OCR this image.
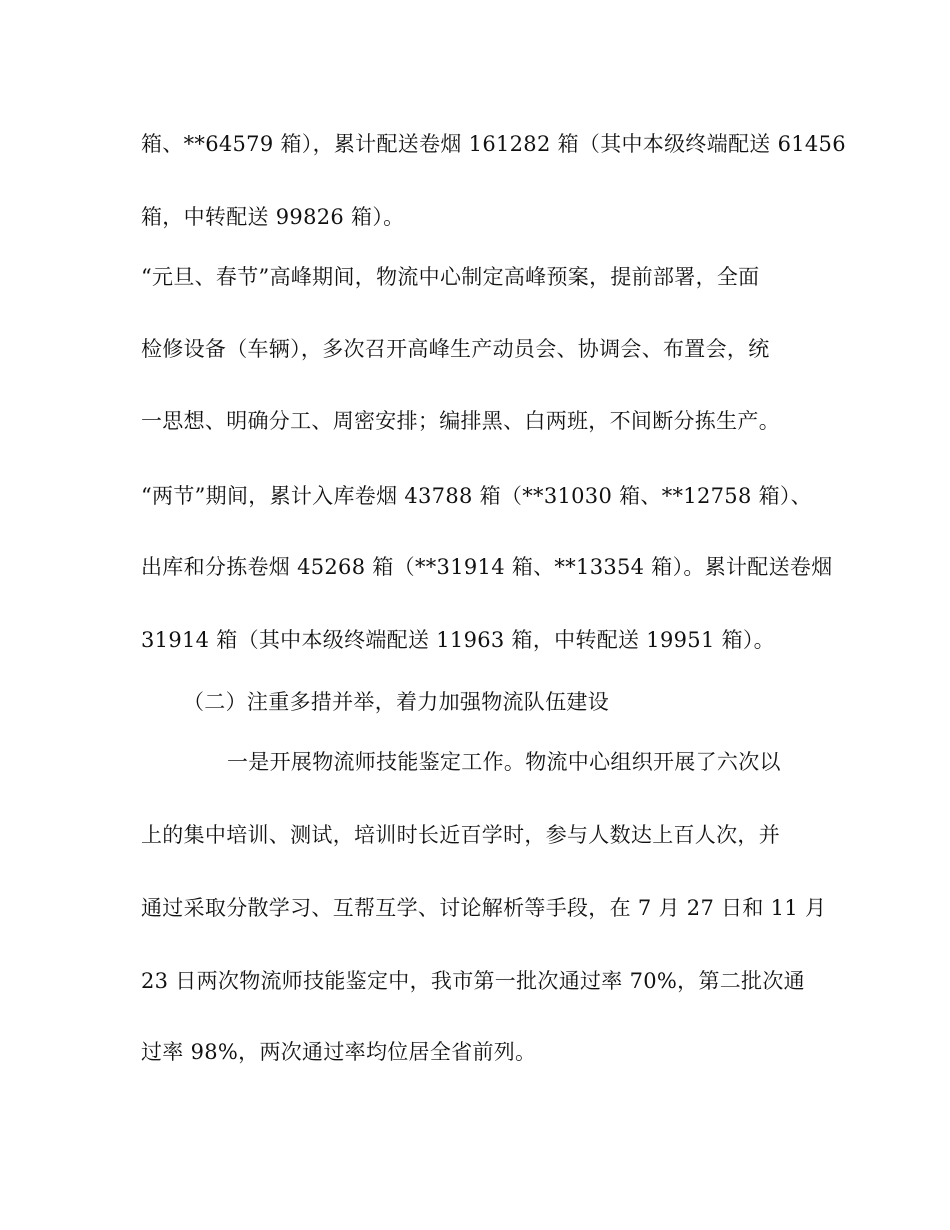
箱、**64579 箱），累计配送卷烟 161282 箱（其中本级终端配送 61456
箱，中转配送 99826 箱）。
“元旦、春节”高峰期间，物流中心制定高峰预案，提前部署，全面
检修设备（车辆），多次召开高峰生产动员会、协调会、布置会，统
一思想、明确分工、周密安排；编排黑、白两班，不间断分拣生产。
“两节”期间，累计入库卷烟 43788 箱（**31030 箱、**12758 箱）、
出库和分拣卷烟 45268 箱（**31914 箱、**13354 箱）。累计配送卷烟
31914 箱（其中本级终端配送 11963 箱，中转配送 19951 箱）。
（二）注重多措并举，着力加强物流队伍建设
一是开展物流师技能鉴定工作。物流中心组织开展了六次以
上的集中培训、测试，培训时长近百学时，参与人数达上百人次，并
通过采取分散学习、互帮互学、讨论解析等手段，在 7 月 27 日和 11 月
23 日两次物流师技能鉴定中，我市第一批次通过率 70%，第二批次通
过率 98%，两次通过率均位居全省前列。
